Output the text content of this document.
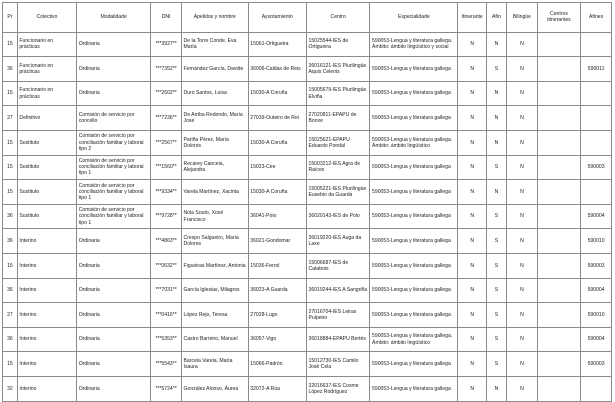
Pr	Colectivo	Modalidade	DNI	Apelidos y nombre	Ayuntamiento	Centro	Especialidade	Itinerante	Afín	Bilingüe	Centros itinerantes	Afines
15	Funcionario en prácticas	Ordinaria	***3927**	De la Torre Conde, Eva María	15061-Ortigueira	15025544-IES de Ortigueira	590053-Lengua y literatura gallega. Ámbito: ámbito lingüístico y social	N	N	N		
36	Funcionario en prácticas	Ordinaria	***7352**	Fernández García, Davide	36006-Caldas de Reis	36016121-IES Plurilingüe Aquis Celenis	590053-Lengua y literatura gallega	N	S	N		590011
15	Funcionario en prácticas	Ordinaria	***2602**	Duro Santos, Luisa	15030-A Coruña	15005679-IES Plurilingüe Elviña	590053-Lengua y literatura gallega	N	N	N		
27	Definitivo	Comisión de servicio por concello	***7236**	De Arriba Redondo, María José	27039-Outeiro de Rei	27020811-EPAPU de Bonxe	590053-Lengua y literatura gallega	N	N	N		
15	Sustituto	Comisión de servicio por conciliación familiar y laboral tipo 2	***2567**	Pariña Pérez, María Dolores	15030-A Coruña	15025621-EPAPU Eduardo Pondal	590053-Lengua y literatura gallega. Ámbito: ámbito lingüístico	N	N	N		
15	Sustituto	Comisión de servicio por conciliación familiar y laboral tipo 1	***1560**	Recarey Canceia, Alejandra	15023-Cee	15003212-IES Agra de Raíces	590053-Lengua y literatura gallega	N	S	N		590003
15	Sustituto	Comisión de servicio por conciliación familiar y laboral tipo 1	***9334**	Varela Martínez, Xacinta	15030-A Coruña	15005221-IES Plurilingüe Eusebio da Guarda	590053-Lengua y literatura gallega	N	N	N		
36	Sustituto	Comisión de servicio por conciliación familiar y laboral tipo 1	***9728**	Nola Souto, Xosé Francisco	36041-Poio	36020143-IES de Poio	590053-Lengua y literatura gallega	N	S	N		590004
36	Interino	Ordinaria	***4863**	Crespo Salgueiro, María Dolores	36021-Gondomar	36019220-IES Auga da Laxe	590053-Lengua y literatura gallega	N	S	N		590010
15	Interino	Ordinaria	***0632**	Figueiras Martínez, Antonia	15036-Ferrol	15006687-IES de Catabois	590053-Lengua y literatura gallega	N	S	N		590003
36	Interino	Ordinaria	***7031**	García Iglesias, Milagros	36023-A Guarda	36019244-IES A Sangriña	590053-Lengua y literatura gallega	N	S	N		590004
27	Interino	Ordinaria	***0416**	López Rejo, Teresa	27028-Lugo	27016704-IES Leiras Pulpeiro	590053-Lengua y literatura gallega	N	S	N		590010
36	Interino	Ordinaria	***5353**	Castro Barreiro, Manuel	36057-Vigo	36018884-EPAPU Bertés	590053-Lengua y literatura gallega. Ámbito: ámbito lingüístico	N	S	N		590004
15	Interino	Ordinaria	***5543**	Barcela Varela, María Isaura	15066-Padrón	15012730-IES Camilo José Cela	590053-Lengua y literatura gallega	N	S	N		590003
32	Interino	Ordinaria	***5724**	González Alonso, Áurea	32072-A Rúa	32016637-IES Cosme López Rodríguez	590053-Lengua y literatura gallega	N	N	N		
